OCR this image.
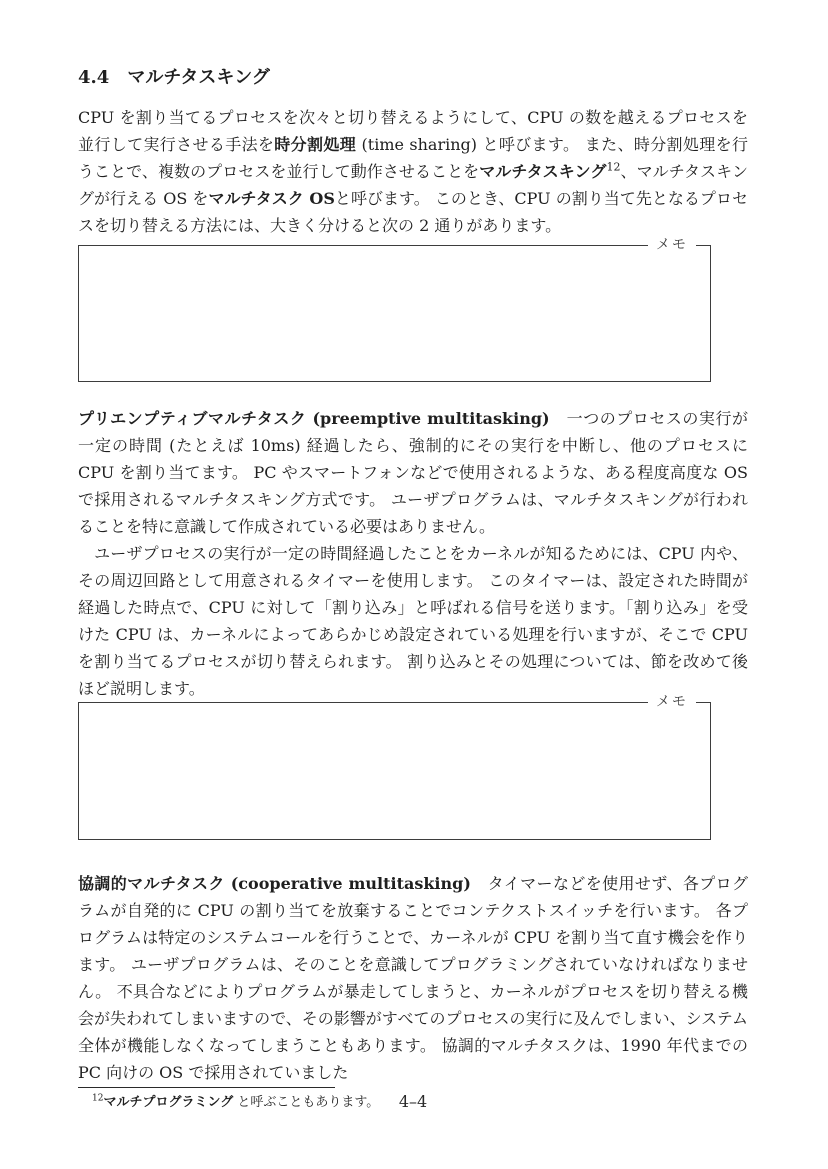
4.4 マルチタスキング

CPU を割り当てるプロセスを次々と切り替えるようにして、CPU の数を越えるプロセスを並行して実行させる手法を時分割処理 (time sharing) と呼びます。 また、時分割処理を行うことで、複数のプロセスを並行して動作させることをマルチタスキング$^{12}$、マルチタスキングが行える OS をマルチタスク OSと呼びます。 このとき、CPU の割り当て先となるプロセスを切り替える方法には、大きく分けると次の 2 通りがあります。

メモ

プリエンプティブマルチタスク (preemptive multitasking)　一つのプロセスの実行が一定の時間 (たとえば 10ms) 経過したら、強制的にその実行を中断し、他のプロセスに CPU を割り当てます。 PC やスマートフォンなどで使用されるような、ある程度高度な OS で採用されるマルチタスキング方式です。 ユーザプログラムは、マルチタスキングが行われることを特に意識して作成されている必要はありません。

　ユーザプロセスの実行が一定の時間経過したことをカーネルが知るためには、CPU 内や、その周辺回路として用意されるタイマーを使用します。 このタイマーは、設定された時間が経過した時点で、CPU に対して「割り込み」と呼ばれる信号を送ります。「割り込み」を受けた CPU は、カーネルによってあらかじめ設定されている処理を行いますが、そこで CPU を割り当てるプロセスが切り替えられます。 割り込みとその処理については、節を改めて後ほど説明します。

メモ

協調的マルチタスク (cooperative multitasking)　タイマーなどを使用せず、各プログラムが自発的に CPU の割り当てを放棄することでコンテクストスイッチを行います。 各プログラムは特定のシステムコールを行うことで、カーネルが CPU を割り当て直す機会を作ります。 ユーザプログラムは、そのことを意識してプログラミングされていなければなりません。 不具合などによりプログラムが暴走してしまうと、カーネルがプロセスを切り替える機会が失われてしまいますので、その影響がすべてのプロセスの実行に及んでしまい、システム全体が機能しなくなってしまうこともあります。 協調的マルチタスクは、1990 年代までの PC 向けの OS で採用されていました

$^{12}$マルチプログラミング と呼ぶこともあります。	4–4
